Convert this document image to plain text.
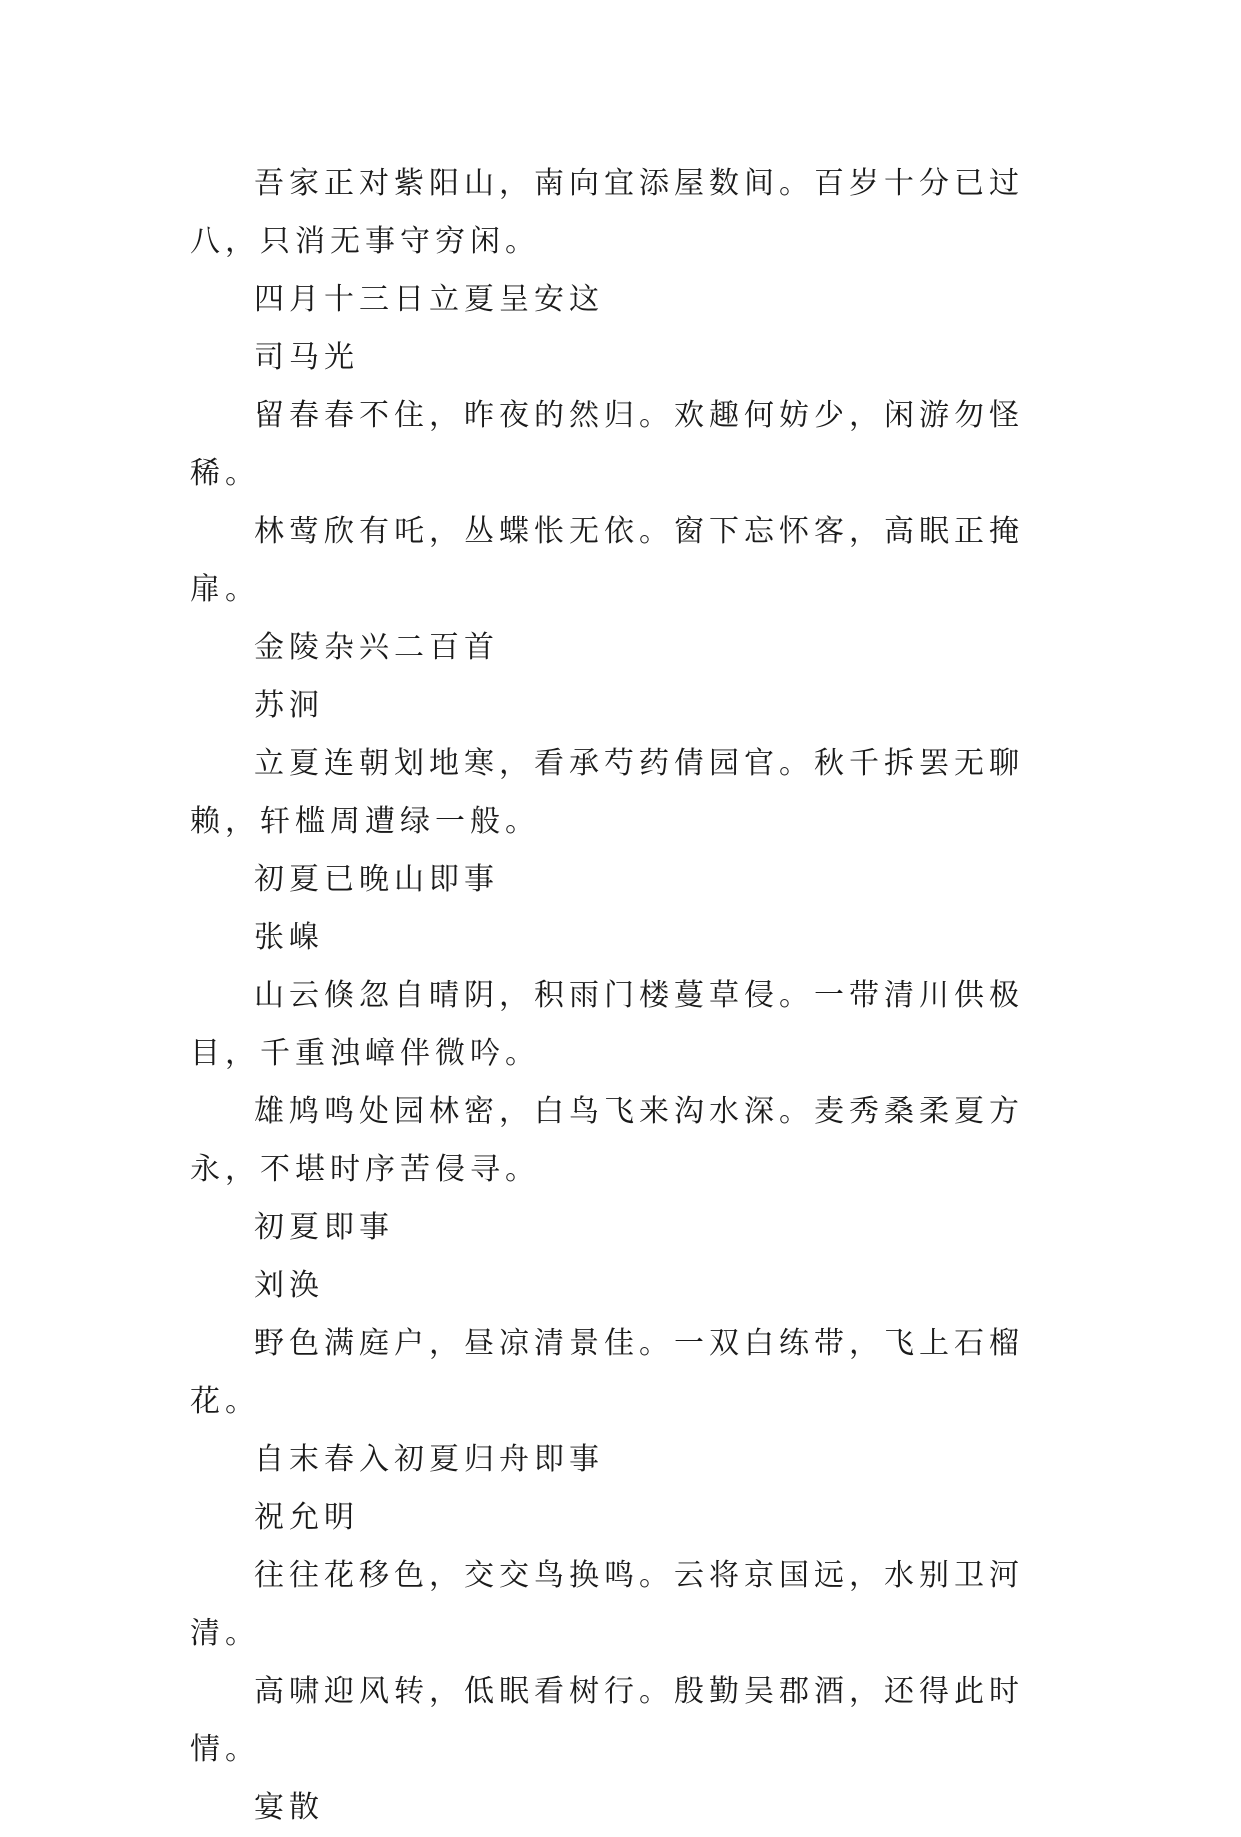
吾家正对紫阳山，南向宜添屋数间。百岁十分已过八，只消无事守穷闲。

四月十三日立夏呈安这

司马光

留春春不住，昨夜的然归。欢趣何妨少，闲游勿怪稀。

林莺欣有吒，丛蝶怅无依。窗下忘怀客，高眠正掩扉。

金陵杂兴二百首

苏泂

立夏连朝划地寒，看承芍药倩园官。秋千拆罢无聊赖，轩槛周遭绿一般。

初夏已晚山即事

张嵲

山云倏忽自晴阴，积雨门楼蔓草侵。一带清川供极目，千重浊嶂伴微吟。

雄鸠鸣处园林密，白鸟飞来沟水深。麦秀桑柔夏方永，不堪时序苦侵寻。

初夏即事

刘涣

野色满庭户，昼凉清景佳。一双白练带，飞上石榴花。

自末春入初夏归舟即事

祝允明

往往花移色，交交鸟换鸣。云将京国远，水别卫河清。

高啸迎风转，低眠看树行。殷勤吴郡酒，还得此时情。

宴散
